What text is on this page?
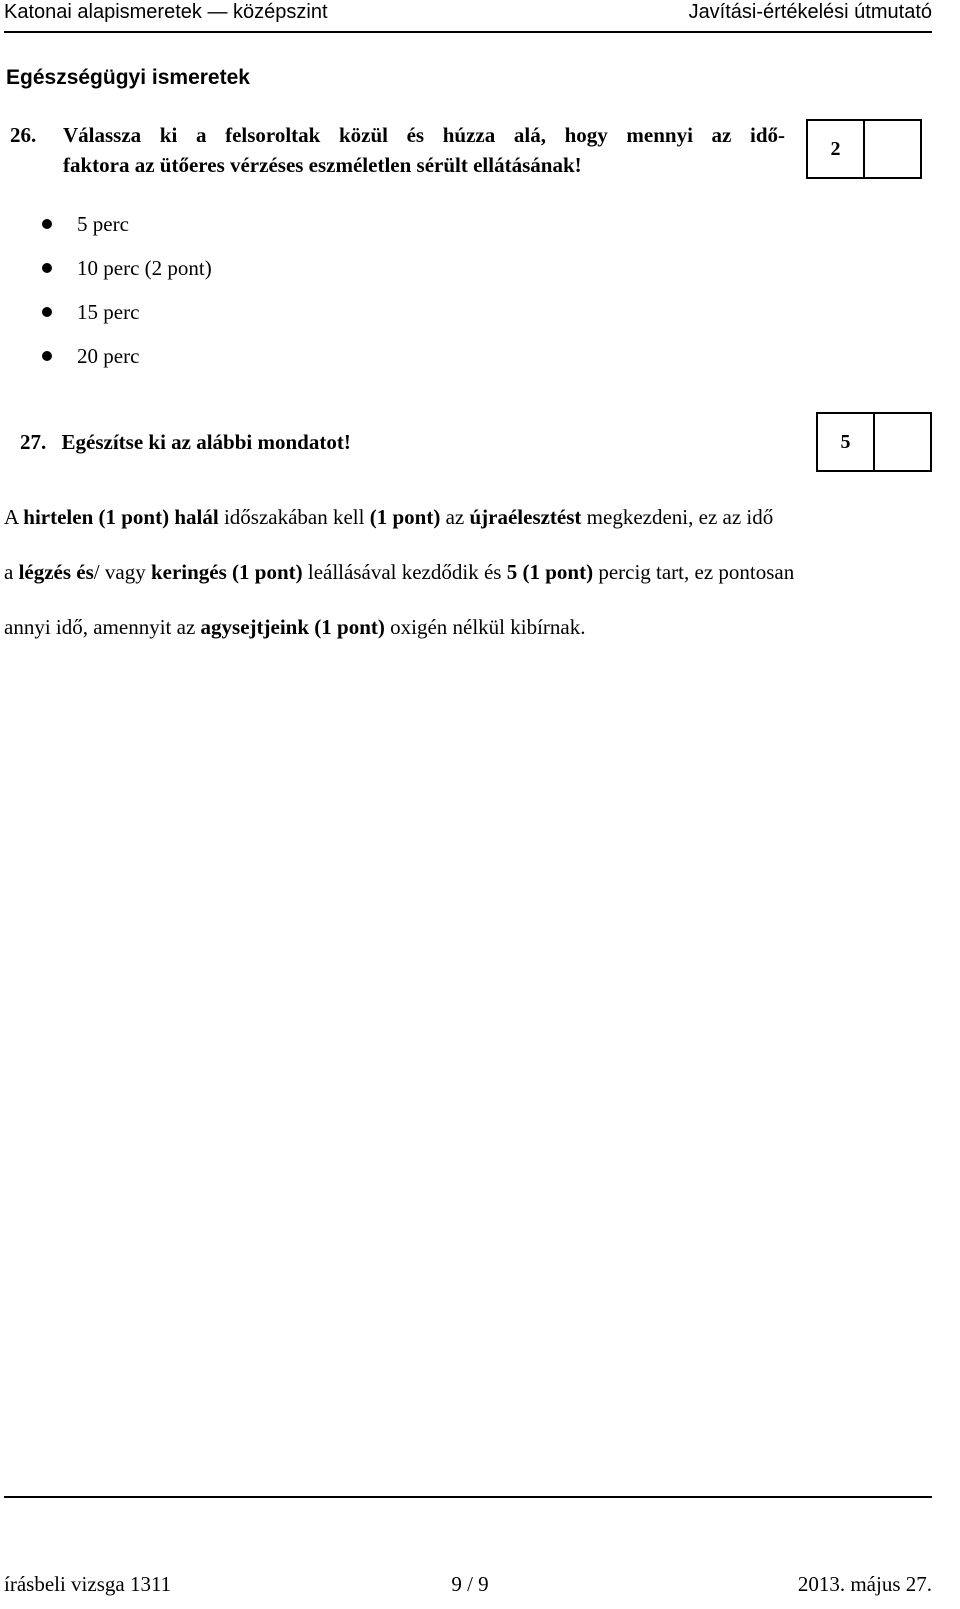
Katonai alapismeretek — középszint	Javítási-értékelési útmutató
Egészségügyi ismeretek
26.	Válassza ki a felsoroltak közül és húzza alá, hogy mennyi az idő-
faktora az ütőeres vérzéses eszméletlen sérült ellátásának!
2
5 perc
10 perc (2 pont)
15 perc
20 perc
27. Egészítse ki az alábbi mondatot!	5
A hirtelen (1 pont) halál időszakában kell (1 pont) az újraélesztést megkezdeni, ez az idő
a légzés és/ vagy keringés (1 pont) leállásával kezdődik és 5 (1 pont) percig tart, ez pontosan
annyi idő, amennyit az agysejtjeink (1 pont) oxigén nélkül kibírnak.
írásbeli vizsga 1311	9 / 9	2013. május 27.
